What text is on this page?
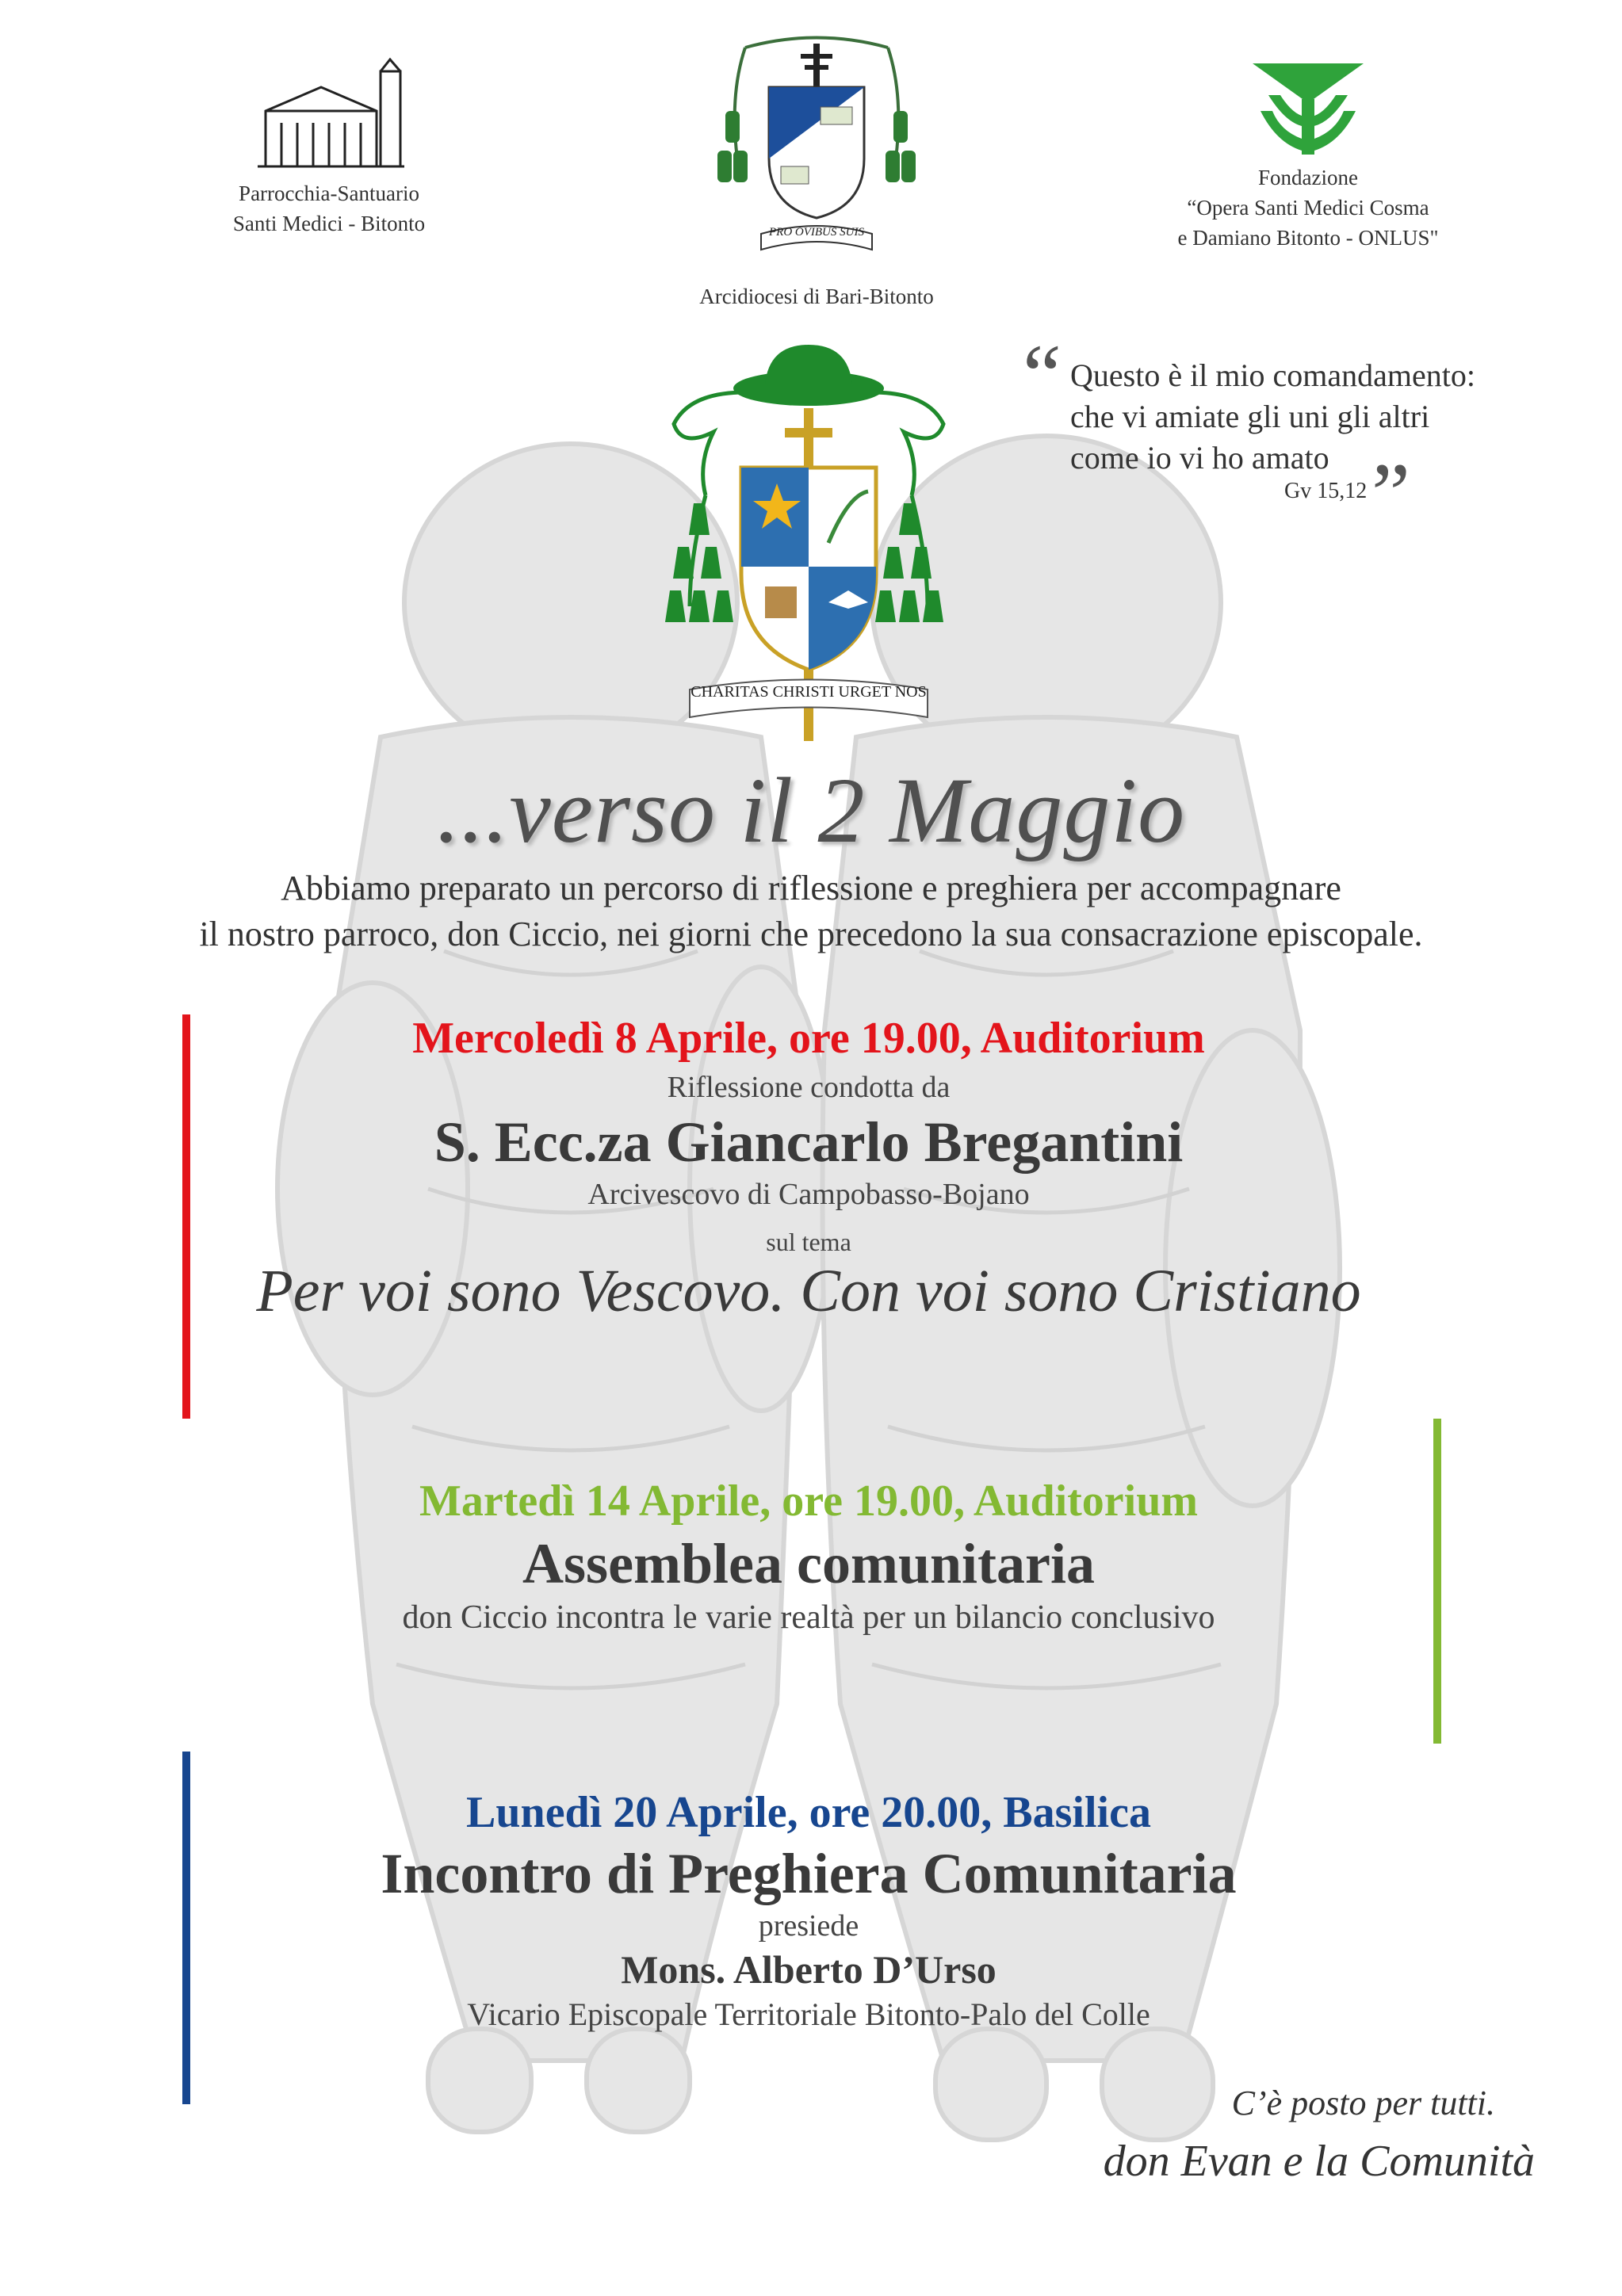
Parrocchia-Santuario
Santi Medici - Bitonto
Arcidiocesi di Bari-Bitonto
PRO OVIBUS SUIS
Fondazione
“Opera Santi Medici Cosma
e Damiano Bitonto - ONLUS"
CHARITAS CHRISTI URGET NOS
“ Questo è il mio comandamento:
che vi amiate gli uni gli altri
come io vi ho amato ”
Gv 15,12
...verso il 2 Maggio
Abbiamo preparato un percorso di riflessione e preghiera per accompagnare
il nostro parroco, don Ciccio, nei giorni che precedono la sua consacrazione episcopale.
Mercoledì 8 Aprile, ore 19.00, Auditorium
Riflessione condotta da
S. Ecc.za Giancarlo Bregantini
Arcivescovo di Campobasso-Bojano
sul tema
Per voi sono Vescovo. Con voi sono Cristiano
Martedì 14 Aprile, ore 19.00, Auditorium
Assemblea comunitaria
don Ciccio incontra le varie realtà per un bilancio conclusivo
Lunedì 20 Aprile, ore 20.00, Basilica
Incontro di Preghiera Comunitaria
presiede
Mons. Alberto D’Urso
Vicario Episcopale Territoriale Bitonto-Palo del Colle
C’è posto per tutti.
don Evan e la Comunità
